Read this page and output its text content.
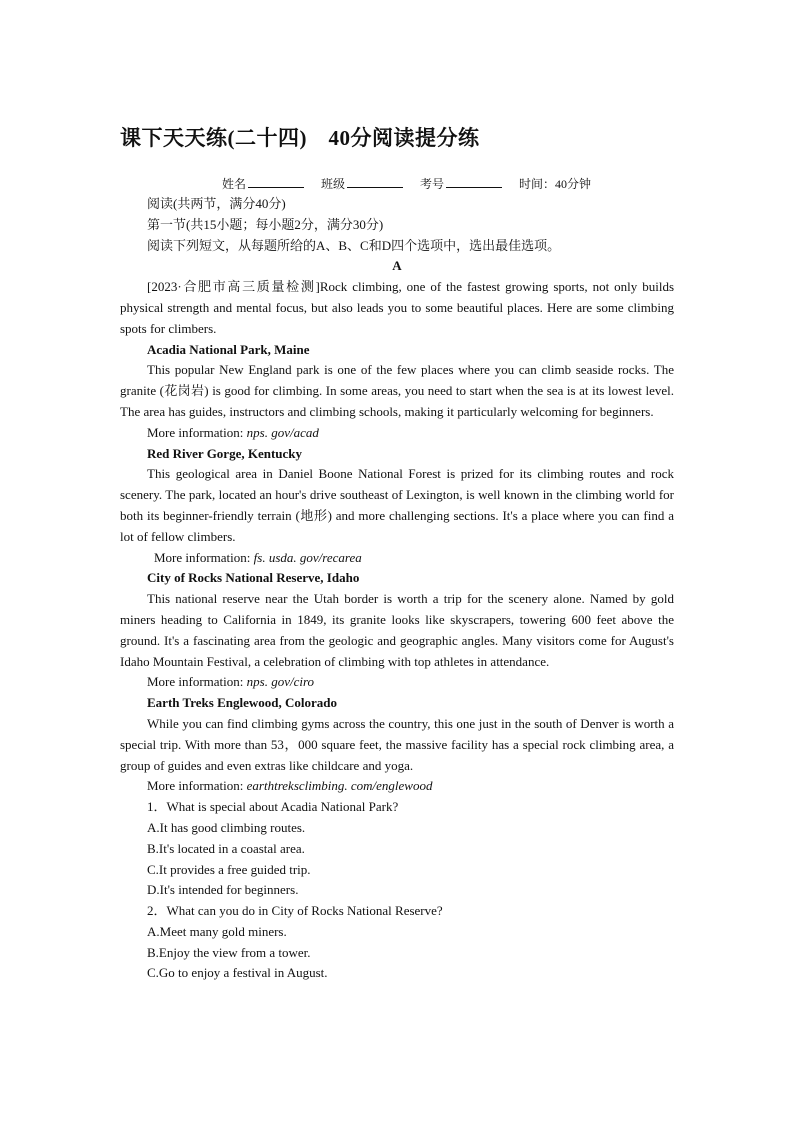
课下天天练(二十四)　40分阅读提分练
姓名	班级	考号	时间：40分钟

阅读(共两节，满分40分)

第一节(共15小题；每小题2分，满分30分)

阅读下列短文，从每题所给的A、B、C和D四个选项中，选出最佳选项。

A

[2023·合肥市高三质量检测]Rock climbing, one of the fastest growing sports, not only builds physical strength and mental focus, but also leads you to some beautiful places. Here are some climbing spots for climbers.

Acadia National Park, Maine

This popular New England park is one of the few places where you can climb seaside rocks. The granite (花岗岩) is good for climbing. In some areas, you need to start when the sea is at its lowest level. The area has guides, instructors and climbing schools, making it particularly welcoming for beginners.

More information: nps. gov/acad

Red River Gorge, Kentucky

This geological area in Daniel Boone National Forest is prized for its climbing routes and rock scenery. The park, located an hour's drive southeast of Lexington, is well known in the climbing world for both its beginner-friendly terrain (地形) and more challenging sections. It's a place where you can find a lot of fellow climbers.

More information: fs. usda. gov/recarea

City of Rocks National Reserve, Idaho

This national reserve near the Utah border is worth a trip for the scenery alone. Named by gold miners heading to California in 1849, its granite looks like skyscrapers, towering 600 feet above the ground. It's a fascinating area from the geologic and geographic angles. Many visitors come for August's Idaho Mountain Festival, a celebration of climbing with top athletes in attendance.

More information: nps. gov/ciro

Earth Treks Englewood, Colorado

While you can find climbing gyms across the country, this one just in the south of Denver is worth a special trip. With more than 53，000 square feet, the massive facility has a special rock climbing area, a group of guides and even extras like childcare and yoga.

More information: earthtreksclimbing. com/englewood

1．What is special about Acadia National Park?

A.It has good climbing routes.

B.It's located in a coastal area.

C.It provides a free guided trip.

D.It's intended for beginners.

2．What can you do in City of Rocks National Reserve?

A.Meet many gold miners.

B.Enjoy the view from a tower.

C.Go to enjoy a festival in August.
